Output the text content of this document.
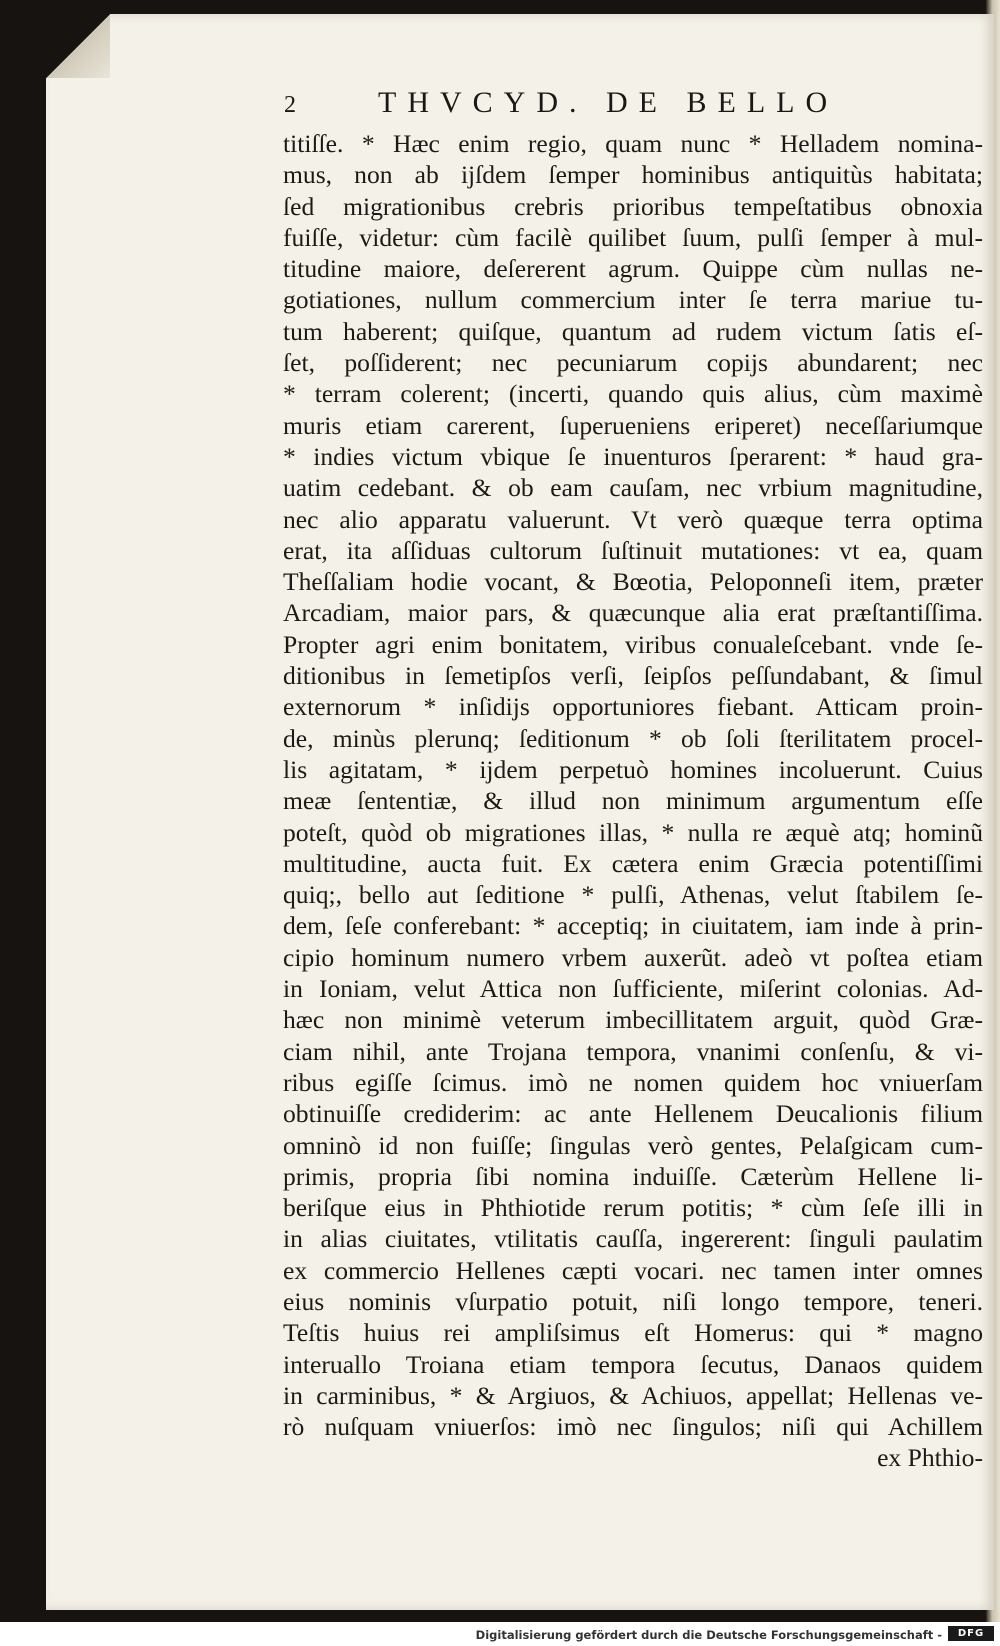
2	THVCYD. DE BELLO
titiſſe. * Hæc enim regio, quam nunc * Helladem nomina-
mus, non ab ijſdem ſemper hominibus antiquitùs habitata;
ſed migrationibus crebris prioribus tempeſtatibus obnoxia
fuiſſe, videtur: cùm facilè quilibet ſuum, pulſi ſemper à mul-
titudine maiore, deſererent agrum. Quippe cùm nullas ne-
gotiationes, nullum commercium inter ſe terra mariue tu-
tum haberent; quiſque, quantum ad rudem victum ſatis eſ-
ſet, poſſiderent; nec pecuniarum copijs abundarent; nec
* terram colerent; (incerti, quando quis alius, cùm maximè
muris etiam carerent, ſuperueniens eriperet) neceſſariumque
* indies victum vbique ſe inuenturos ſperarent: * haud gra-
uatim cedebant. & ob eam cauſam, nec vrbium magnitudine,
nec alio apparatu valuerunt. Vt verò quæque terra optima
erat, ita aſſiduas cultorum ſuſtinuit mutationes: vt ea, quam
Theſſaliam hodie vocant, & Bœotia, Peloponneſi item, præter
Arcadiam, maior pars, & quæcunque alia erat præſtantiſſima.
Propter agri enim bonitatem, viribus conualeſcebant. vnde ſe-
ditionibus in ſemetipſos verſi, ſeipſos peſſundabant, & ſimul
externorum * inſidijs opportuniores fiebant. Atticam proin-
de, minùs plerunq; ſeditionum * ob ſoli ſterilitatem procel-
lis agitatam, * ijdem perpetuò homines incoluerunt. Cuius
meæ ſententiæ, & illud non minimum argumentum eſſe
poteſt, quòd ob migrationes illas, * nulla re æquè atq; hominũ
multitudine, aucta fuit. Ex cætera enim Græcia potentiſſimi
quiq;, bello aut ſeditione * pulſi, Athenas, velut ſtabilem ſe-
dem, ſeſe conferebant: * acceptiq; in ciuitatem, iam inde à prin-
cipio hominum numero vrbem auxerũt. adeò vt poſtea etiam
in Ioniam, velut Attica non ſufficiente, miſerint colonias. Ad-
hæc non minimè veterum imbecillitatem arguit, quòd Græ-
ciam nihil, ante Trojana tempora, vnanimi conſenſu, & vi-
ribus egiſſe ſcimus. imò ne nomen quidem hoc vniuerſam
obtinuiſſe crediderim: ac ante Hellenem Deucalionis filium
omninò id non fuiſſe; ſingulas verò gentes, Pelaſgicam cum-
primis, propria ſibi nomina induiſſe. Cæterùm Hellene li-
beriſque eius in Phthiotide rerum potitis; * cùm ſeſe illi in
in alias ciuitates, vtilitatis cauſſa, ingererent: ſinguli paulatim
ex commercio Hellenes cæpti vocari. nec tamen inter omnes
eius nominis vſurpatio potuit, niſi longo tempore, teneri.
Teſtis huius rei ampliſsimus eſt Homerus: qui * magno
interuallo Troiana etiam tempora ſecutus, Danaos quidem
in carminibus, * & Argiuos, & Achiuos, appellat; Hellenas ve-
rò nuſquam vniuerſos: imò nec ſingulos; niſi qui Achillem
ex Phthio-
Digitalisierung gefördert durch die Deutsche Forschungsgemeinschaft -	DFG
